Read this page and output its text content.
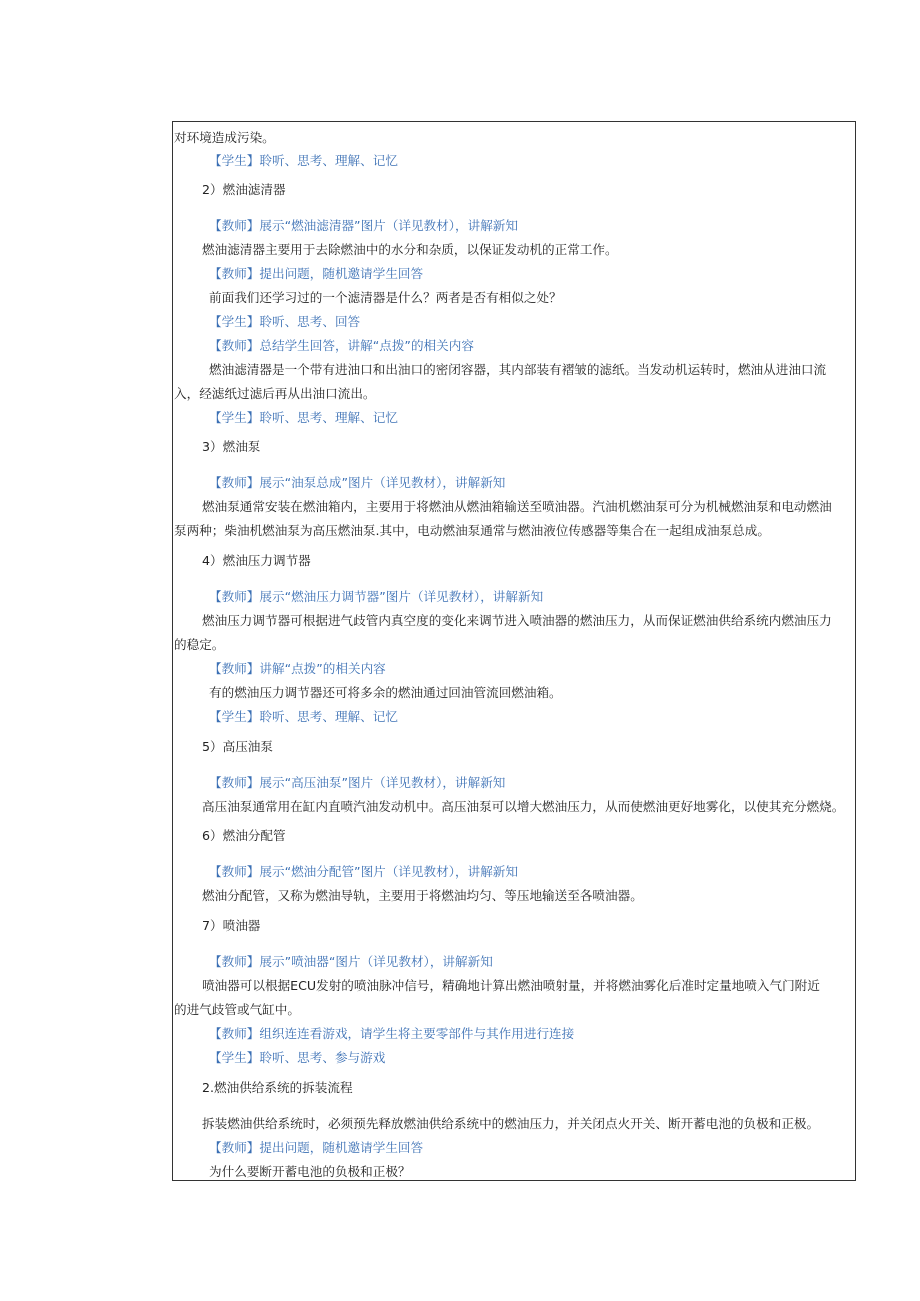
对环境造成污染。
【学生】聆听、思考、理解、记忆
2）燃油滤清器
【教师】展示“燃油滤清器”图片（详见教材），讲解新知
燃油滤清器主要用于去除燃油中的水分和杂质，以保证发动机的正常工作。
【教师】提出问题，随机邀请学生回答
前面我们还学习过的一个滤清器是什么？两者是否有相似之处？
【学生】聆听、思考、回答
【教师】总结学生回答，讲解“点拨”的相关内容
燃油滤清器是一个带有进油口和出油口的密闭容器，其内部装有褶皱的滤纸。当发动机运转时，燃油从进油口流
入，经滤纸过滤后再从出油口流出。
【学生】聆听、思考、理解、记忆
3）燃油泵
【教师】展示“油泵总成”图片（详见教材），讲解新知
燃油泵通常安装在燃油箱内，主要用于将燃油从燃油箱输送至喷油器。汽油机燃油泵可分为机械燃油泵和电动燃油
泵两种；柴油机燃油泵为高压燃油泵.其中，电动燃油泵通常与燃油液位传感器等集合在一起组成油泵总成。
4）燃油压力调节器
【教师】展示“燃油压力调节器”图片（详见教材），讲解新知
燃油压力调节器可根据进气歧管内真空度的变化来调节进入喷油器的燃油压力，从而保证燃油供给系统内燃油压力
的稳定。
【教师】讲解“点拨”的相关内容
有的燃油压力调节器还可将多余的燃油通过回油管流回燃油箱。
【学生】聆听、思考、理解、记忆
5）高压油泵
【教师】展示“高压油泵”图片（详见教材），讲解新知
高压油泵通常用在缸内直喷汽油发动机中。高压油泵可以增大燃油压力，从而使燃油更好地雾化，以使其充分燃烧。
6）燃油分配管
【教师】展示“燃油分配管”图片（详见教材），讲解新知
燃油分配管，又称为燃油导轨，主要用于将燃油均匀、等压地输送至各喷油器。
7）喷油器
【教师】展示”喷油器“图片（详见教材），讲解新知
喷油器可以根据ECU发射的喷油脉冲信号，精确地计算出燃油喷射量，并将燃油雾化后准时定量地喷入气门附近
的进气歧管或气缸中。
【教师】组织连连看游戏，请学生将主要零部件与其作用进行连接
【学生】聆听、思考、参与游戏
2.燃油供给系统的拆装流程
拆装燃油供给系统时，必须预先释放燃油供给系统中的燃油压力，并关闭点火开关、断开蓄电池的负极和正极。
【教师】提出问题，随机邀请学生回答
为什么要断开蓄电池的负极和正极？
